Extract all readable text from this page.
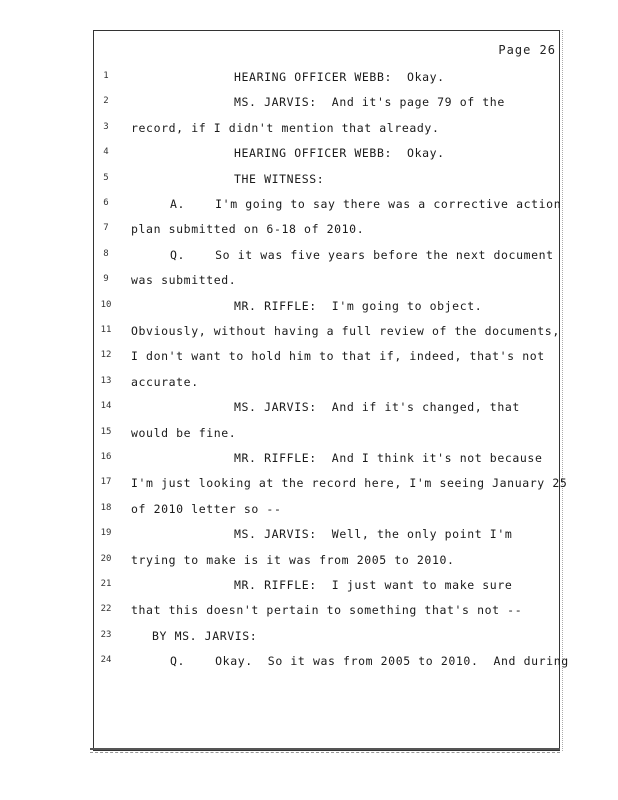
Page 26
1	HEARING OFFICER WEBB:  Okay.
2	MS. JARVIS:  And it's page 79 of the
3	record, if I didn't mention that already.
4	HEARING OFFICER WEBB:  Okay.
5	THE WITNESS:
6	A.    I'm going to say there was a corrective action
7	plan submitted on 6-18 of 2010.
8	Q.    So it was five years before the next document
9	was submitted.
10	MR. RIFFLE:  I'm going to object.
11 Obviously, without having a full review of the documents,
12 I don't want to hold him to that if, indeed, that's not
13 accurate.
14	MS. JARVIS:  And if it's changed, that
15 would be fine.
16	MR. RIFFLE:  And I think it's not because
17 I'm just looking at the record here, I'm seeing January 25
18 of 2010 letter so --
19	MS. JARVIS:  Well, the only point I'm
20 trying to make is it was from 2005 to 2010.
21	MR. RIFFLE:  I just want to make sure
22 that this doesn't pertain to something that's not --
23	BY MS. JARVIS:
24	Q.    Okay.  So it was from 2005 to 2010.  And during
